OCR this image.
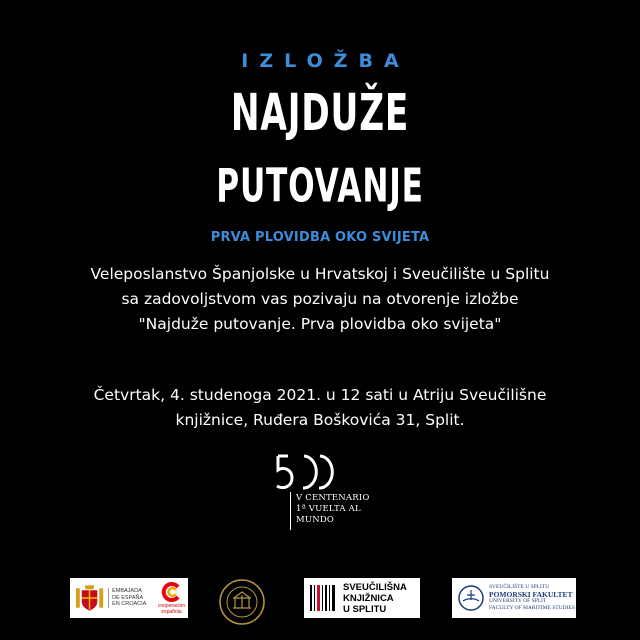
IZLOŽBA
NAJDUŽE
PUTOVANJE
PRVA PLOVIDBA OKO SVIJETA
Veleposlanstvo Španjolske u Hrvatskoj i Sveučilište u Splitu
sa zadovoljstvom vas pozivaju na otvorenje izložbe
"Najduže putovanje. Prva plovidba oko svijeta"
Četvrtak, 4. studenoga 2021. u 12 sati u Atriju Sveučilišne
knjižnice, Ruđera Boškovića 31, Split.
V CENTENARIO
1ª VUELTA AL
MUNDO
EMBAJADA
DE ESPAÑA
EN CROACIA	cooperación
española
SVEUČILIŠNA
KNJIŽNICA
U SPLITU
SVEUČILIŠTE U SPLITU
POMORSKI FAKULTET
UNIVERSITY OF SPLIT
FACULTY OF MARITIME STUDIES
